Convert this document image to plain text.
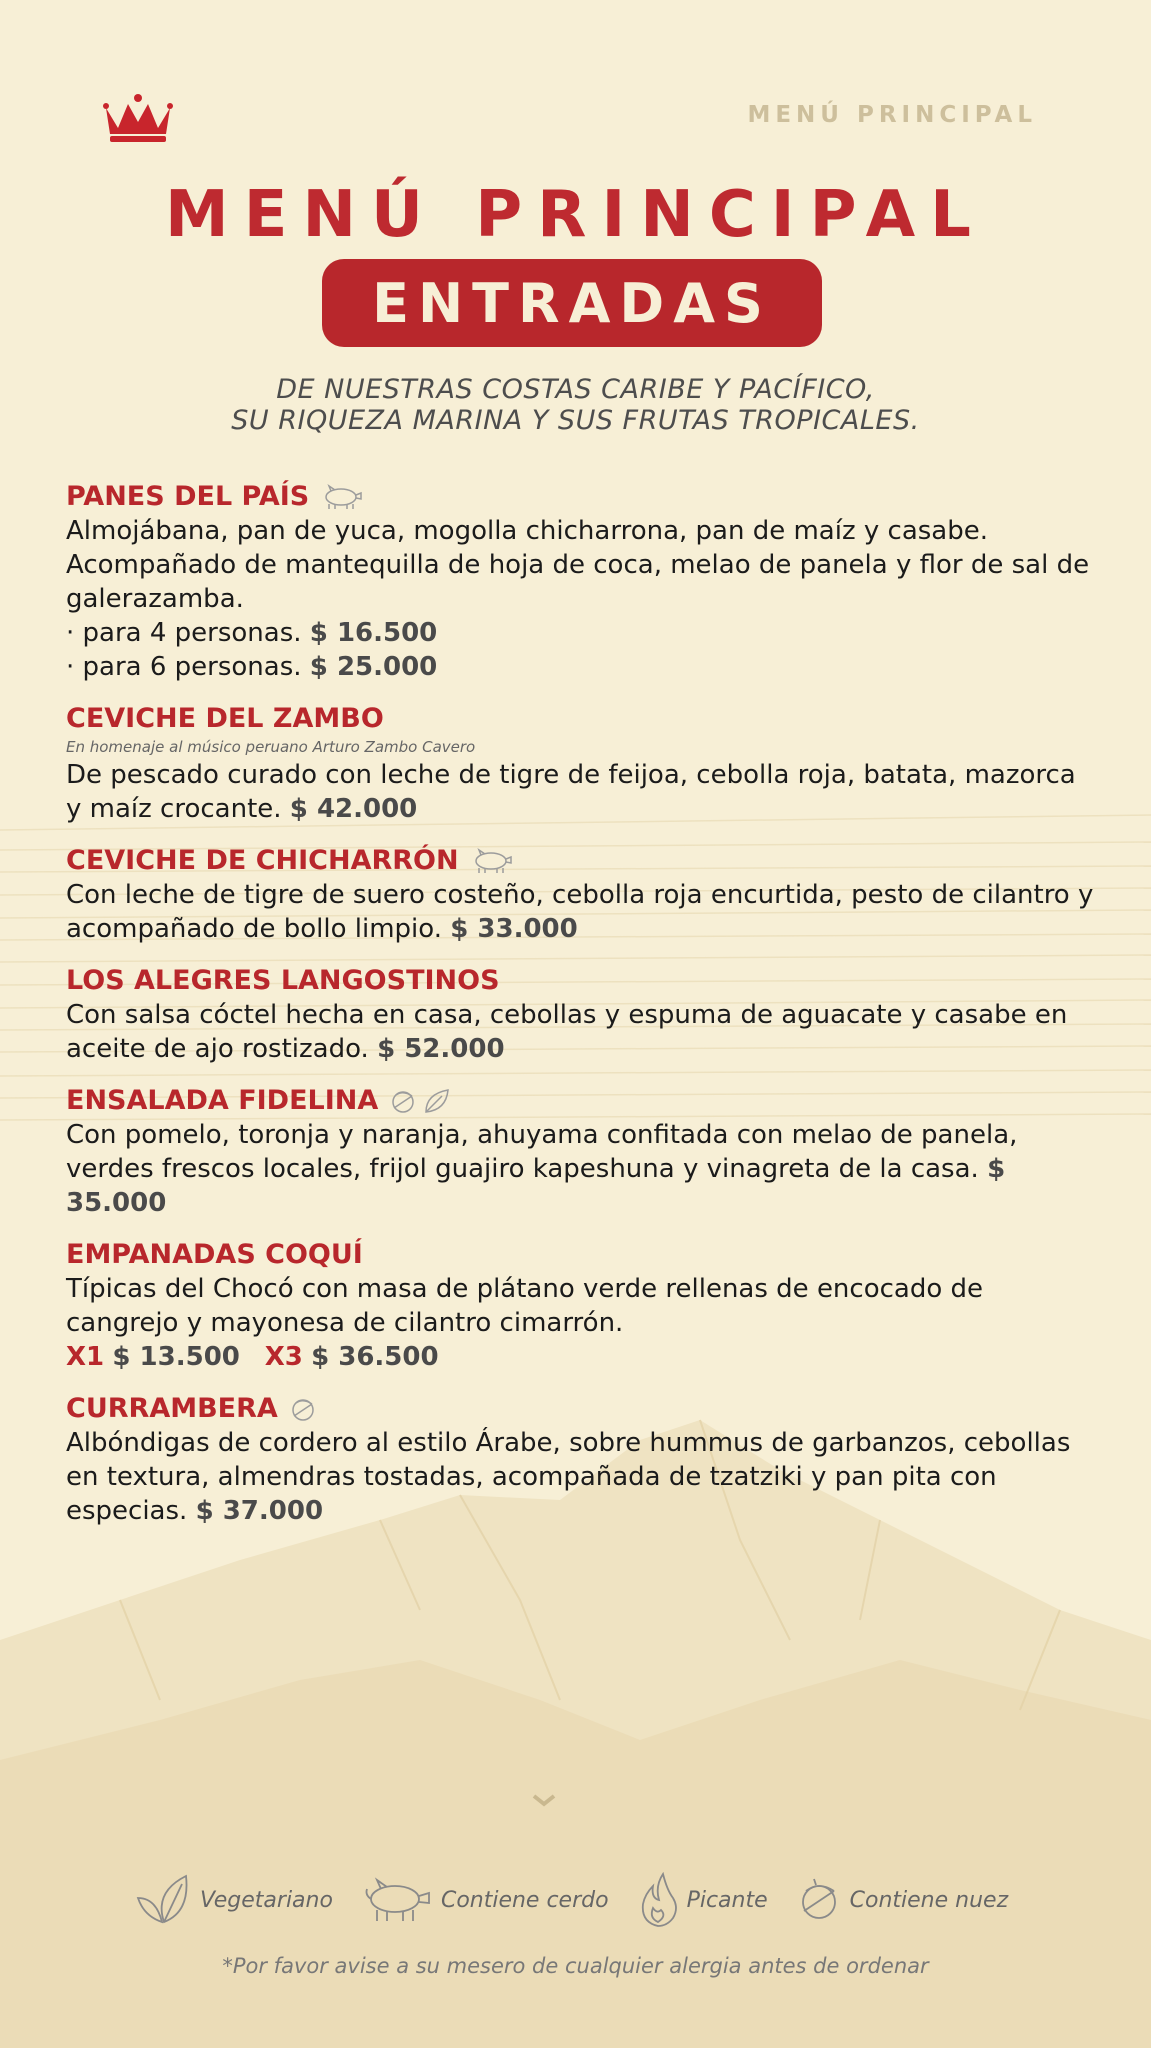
MENÚ PRINCIPAL
MENÚ PRINCIPAL
ENTRADAS
DE NUESTRAS COSTAS CARIBE Y PACÍFICO,
SU RIQUEZA MARINA Y SUS FRUTAS TROPICALES.
PANES DEL PAÍS
Almojábana, pan de yuca, mogolla chicharrona, pan de maíz y casabe. Acompañado de mantequilla de hoja de coca, melao de panela y flor de sal de galerazamba.
· para 4 personas. $ 16.500
· para 6 personas. $ 25.000
CEVICHE DEL ZAMBO
En homenaje al músico peruano Arturo Zambo Cavero
De pescado curado con leche de tigre de feijoa, cebolla roja, batata, mazorca y maíz crocante. $ 42.000
CEVICHE DE CHICHARRÓN
Con leche de tigre de suero costeño, cebolla roja encurtida, pesto de cilantro y acompañado de bollo limpio. $ 33.000
LOS ALEGRES LANGOSTINOS
Con salsa cóctel hecha en casa, cebollas y espuma de aguacate y casabe en aceite de ajo rostizado. $ 52.000
ENSALADA FIDELINA
Con pomelo, toronja y naranja, ahuyama confitada con melao de panela, verdes frescos locales, frijol guajiro kapeshuna y vinagreta de la casa. $ 35.000
EMPANADAS COQUÍ
Típicas del Chocó con masa de plátano verde rellenas de encocado de cangrejo y mayonesa de cilantro cimarrón.
X1 $ 13.500 X3 $ 36.500
CURRAMBERA
Albóndigas de cordero al estilo Árabe, sobre hummus de garbanzos, cebollas en textura, almendras tostadas, acompañada de tzatziki y pan pita con especias. $ 37.000
Vegetariano	Contiene cerdo	Picante	Contiene nuez
*Por favor avise a su mesero de cualquier alergia antes de ordenar
